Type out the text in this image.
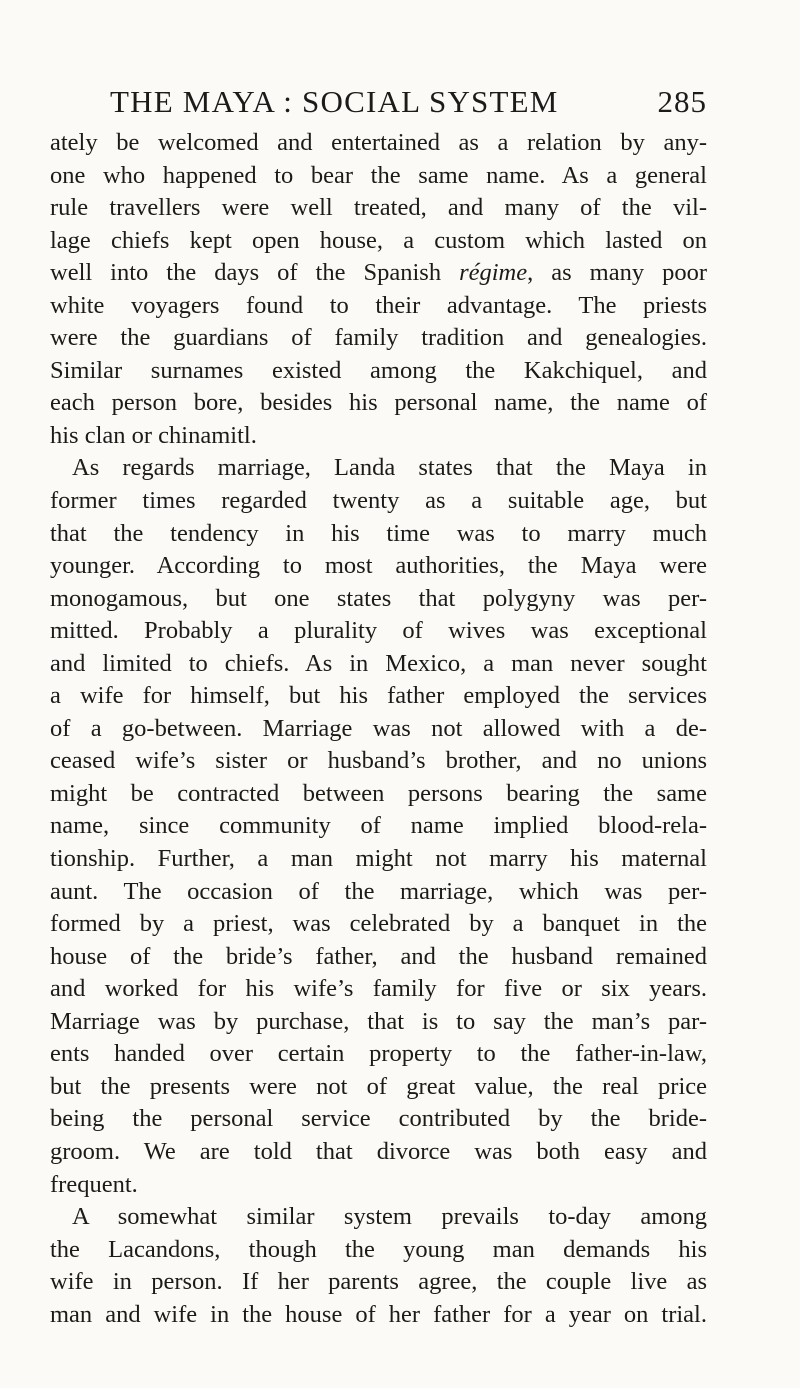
THE MAYA : SOCIAL SYSTEM	285
ately be welcomed and entertained as a relation by any-
one who happened to bear the same name. As a general
rule travellers were well treated, and many of the vil-
lage chiefs kept open house, a custom which lasted on
well into the days of the Spanish régime, as many poor
white voyagers found to their advantage. The priests
were the guardians of family tradition and genealogies.
Similar surnames existed among the Kakchiquel, and
each person bore, besides his personal name, the name of
his clan or chinamitl.
As regards marriage, Landa states that the Maya in
former times regarded twenty as a suitable age, but
that the tendency in his time was to marry much
younger. According to most authorities, the Maya were
monogamous, but one states that polygyny was per-
mitted. Probably a plurality of wives was exceptional
and limited to chiefs. As in Mexico, a man never sought
a wife for himself, but his father employed the services
of a go-between. Marriage was not allowed with a de-
ceased wife’s sister or husband’s brother, and no unions
might be contracted between persons bearing the same
name, since community of name implied blood-rela-
tionship. Further, a man might not marry his maternal
aunt. The occasion of the marriage, which was per-
formed by a priest, was celebrated by a banquet in the
house of the bride’s father, and the husband remained
and worked for his wife’s family for five or six years.
Marriage was by purchase, that is to say the man’s par-
ents handed over certain property to the father-in-law,
but the presents were not of great value, the real price
being the personal service contributed by the bride-
groom. We are told that divorce was both easy and
frequent.
A somewhat similar system prevails to-day among
the Lacandons, though the young man demands his
wife in person. If her parents agree, the couple live as
man and wife in the house of her father for a year on trial.
